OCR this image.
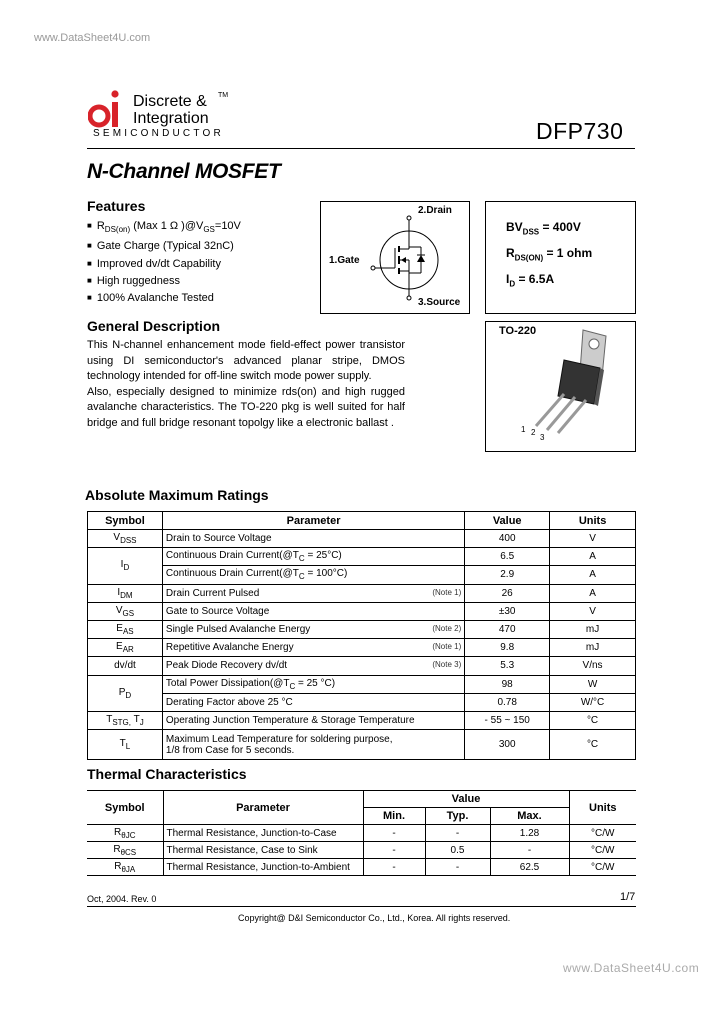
www.DataSheet4U.com
Discrete &
Integration
TM
SEMICONDUCTOR	DFP730
N-Channel MOSFET
Features
■ $R_{DS(on)}$ (Max 1 Ω )$@V_{GS}=10V$
■ Gate Charge (Typical 32nC)
■ Improved dv/dt Capability
■ High ruggedness
■ 100% Avalanche Tested
2.Drain
1.Gate
3.Source
$BV_{DSS} = 400V$
$R_{DS(ON)} = 1$ ohm
$I_D = 6.5A$
General Description

This N-channel enhancement mode field-effect power transistor using DI semiconductor's advanced planar stripe, DMOS technology intended for off-line switch mode power supply.

Also, especially designed to minimize rds(on) and high rugged avalanche characteristics. The TO-220 pkg is well suited for half bridge and full bridge resonant topolgy like a electronic ballast .

TO-220
1 2
3
Absolute Maximum Ratings
Symbol	Parameter	Value	Units
$V_{DSS}$	Drain to Source Voltage	400	V
$I_D$	Continuous Drain $Current(@T_C = 25^\circ C)$	6.5	A
	Continuous Drain $Current(@T_C = 100^\circ C)$	2.9	A
$I_{DM}$	Drain Current Pulsed (Note 1)	26	A
$V_{GS}$	Gate to Source Voltage	±30	V
$E_{AS}$	Single Pulsed Avalanche Energy (Note 2)	470	mJ
$E_{AR}$	Repetitive Avalanche Energy (Note 1)	9.8	mJ
dv/dt	Peak Diode Recovery dv/dt (Note 3)	5.3	V/ns
$P_D$	Total Power $Dissipation(@T_C = 25$ °C)	98	W
	Derating Factor above 25 °C	0.78	W/°C
$T_{STG,}$ $T_J$	Operating Junction Temperature & Storage Temperature	- 55 ~ 150	°C
$T_L$	Maximum Lead Temperature for soldering purpose,
1/8 from Case for 5 seconds.	300	°C
Thermal Characteristics
Symbol	Parameter	Value			Units
		Min.	Typ.	Max.	
$R_{\theta JC}$	Thermal Resistance, Junction-to-Case	-	-	1.28	°C/W
$R_{\theta CS}$	Thermal Resistance, Case to Sink	-	0.5	-	°C/W
$R_{\theta JA}$	Thermal Resistance, Junction-to-Ambient	-	-	62.5	°C/W
Oct, 2004. Rev. 0	1/7
Copyright@ D&I Semiconductor Co., Ltd., Korea. All rights reserved.
www.DataSheet4U.com
